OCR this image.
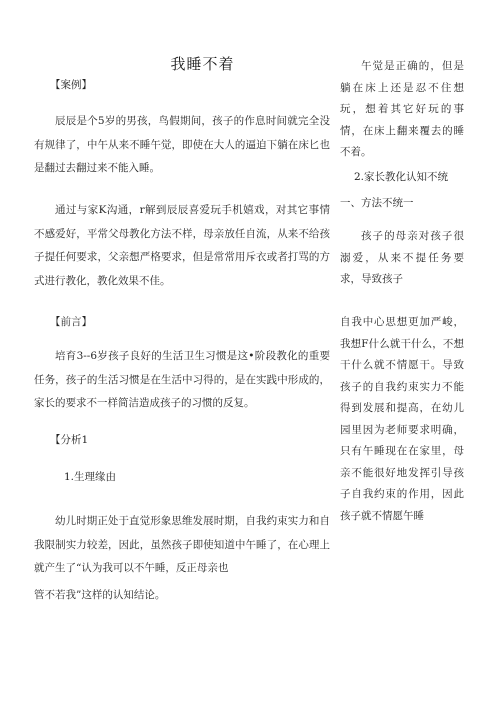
我睡不着
【案例】
辰辰是个5岁的男孩，鸟假期间，孩子的作息时间就完全没有规律了，中午从来不睡午觉，即使在大人的逼迫下躺在床匕也是翻过去翻过来不能入睡。
通过与家K沟通，r解到辰辰喜爱玩手机嬉戏，对其它事情不感爱好，平常父母教化方法不样，母亲放任自流，从来不给孩子提任何要求，父亲想严格要求，但是常常用斥衣或者打骂的方式进行教化，教化效果不佳。
【前言】
培育3--6岁孩子良好的生活卫生习惯是这•阶段教化的重要任务，孩子的生活习惯是在生活中习得的，是在实践中形成的，家长的要求不一样简洁造成孩子的习惯的反复。
【分析1
1.生理缘由
幼儿时期正处于直觉形象思维发展时期，自我约束实力和自我限制实力较差，因此，虽然孩子即使知道中午睡了，在心理上就产生了“认为我可以不午睡，反正母亲也
管不若我”这样的认知结论。
午觉是正确的，但是躺在床上还是忍不住想玩，想着其它好玩的事情，在床上翻来覆去的睡不着。
2.家长教化认知不统
一、方法不统一
孩子的母亲对孩子很溺爱，从来不提任务要求，导致孩子
自我中心思想更加严峻，我想F什么就干什么，不想干什么就不情愿干。导致孩子的自我约束实力不能得到发展和提高，在幼儿园里因为老师要求明确，只有午睡现在在家里，母亲不能很好地发挥引导孩子自我约束的作用，因此孩子就不情愿午睡
